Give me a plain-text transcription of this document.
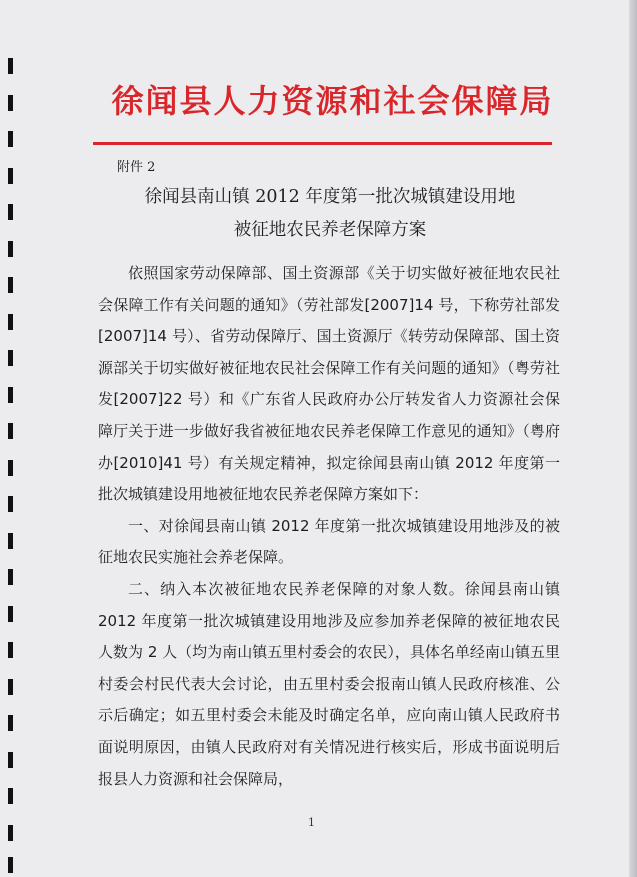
徐闻县人力资源和社会保障局
附件 2
徐闻县南山镇 2012 年度第一批次城镇建设用地
被征地农民养老保障方案

依照国家劳动保障部、国土资源部《关于切实做好被征地农民社会保障工作有关问题的通知》（劳社部发[2007]14 号，下称劳社部发[2007]14 号）、省劳动保障厅、国土资源厅《转劳动保障部、国土资源部关于切实做好被征地农民社会保障工作有关问题的通知》（粤劳社发[2007]22 号）和《广东省人民政府办公厅转发省人力资源社会保障厅关于进一步做好我省被征地农民养老保障工作意见的通知》（粤府办[2010]41 号）有关规定精神，拟定徐闻县南山镇 2012 年度第一批次城镇建设用地被征地农民养老保障方案如下：

一、对徐闻县南山镇 2012 年度第一批次城镇建设用地涉及的被征地农民实施社会养老保障。

二、纳入本次被征地农民养老保障的对象人数。徐闻县南山镇 2012 年度第一批次城镇建设用地涉及应参加养老保障的被征地农民人数为 2 人（均为南山镇五里村委会的农民），具体名单经南山镇五里村委会村民代表大会讨论，由五里村委会报南山镇人民政府核准、公示后确定；如五里村委会未能及时确定名单，应向南山镇人民政府书面说明原因，由镇人民政府对有关情况进行核实后，形成书面说明后报县人力资源和社会保障局，

1
